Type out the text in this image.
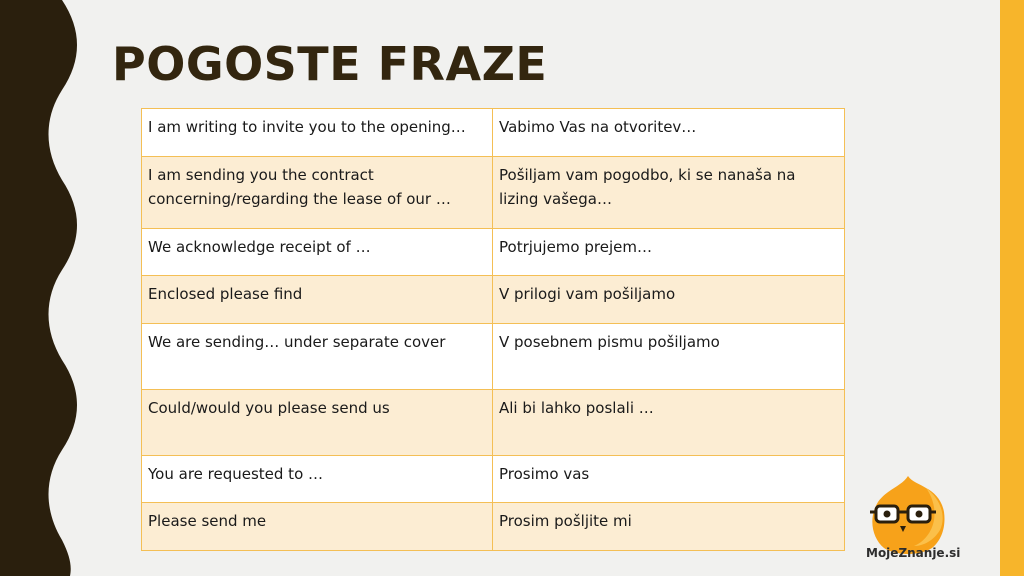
POGOSTE FRAZE
I am writing to invite you to the opening…	Vabimo Vas na otvoritev…
I am sending you the contract concerning/regarding the lease of our …	Pošiljam vam pogodbo, ki se nanaša na lizing vašega…
We acknowledge receipt of …	Potrjujemo prejem…
Enclosed please find	V prilogi vam pošiljamo
We are sending… under separate cover	V posebnem pismu pošiljamo
Could/would you please send us	Ali bi lahko poslali …
You are requested to …	Prosimo vas
Please send me	Prosim pošljite mi
MojeZnanje.si
